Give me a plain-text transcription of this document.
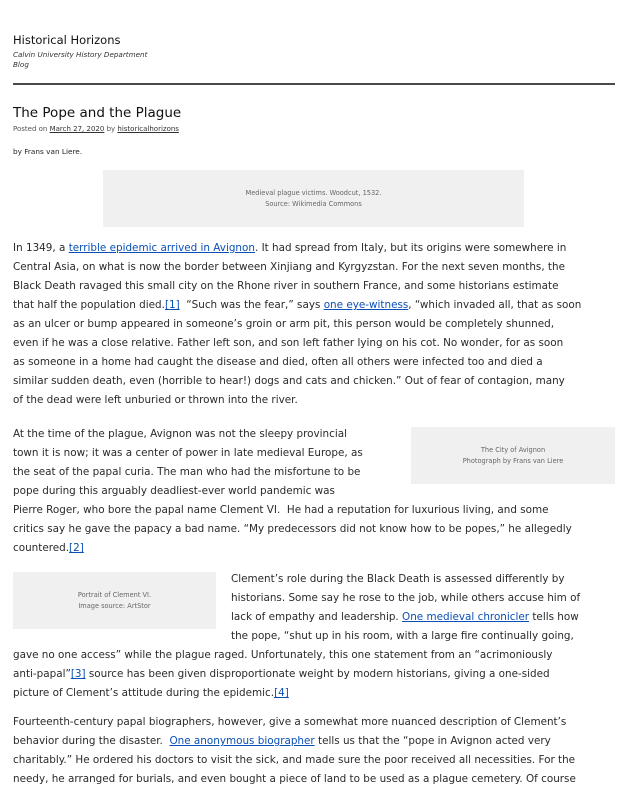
Historical Horizons
Calvin University History Department
Blog
The Pope and the Plague
Posted on March 27, 2020 by historicalhorizons
by Frans van Liere.
Medieval plague victims. Woodcut, 1532.
Source: Wikimedia Commons
In 1349, a terrible epidemic arrived in Avignon. It had spread from Italy, but its origins were somewhere in
Central Asia, on what is now the border between Xinjiang and Kyrgyzstan. For the next seven months, the
Black Death ravaged this small city on the Rhone river in southern France, and some historians estimate
that half the population died.[1]  “Such was the fear,” says one eye-witness, “which invaded all, that as soon
as an ulcer or bump appeared in someone’s groin or arm pit, this person would be completely shunned,
even if he was a close relative. Father left son, and son left father lying on his cot. No wonder, for as soon
as someone in a home had caught the disease and died, often all others were infected too and died a
similar sudden death, even (horrible to hear!) dogs and cats and chicken.” Out of fear of contagion, many
of the dead were left unburied or thrown into the river.
The City of Avignon
Photograph by Frans van Liere
At the time of the plague, Avignon was not the sleepy provincial
town it is now; it was a center of power in late medieval Europe, as
the seat of the papal curia. The man who had the misfortune to be
pope during this arguably deadliest-ever world pandemic was
Pierre Roger, who bore the papal name Clement VI.  He had a reputation for luxurious living, and some
critics say he gave the papacy a bad name. “My predecessors did not know how to be popes,” he allegedly
countered.[2]
Portrait of Clement VI.
Image source: ArtStor
Clement’s role during the Black Death is assessed differently by
historians. Some say he rose to the job, while others accuse him of
lack of empathy and leadership. One medieval chronicler tells how
the pope, “shut up in his room, with a large fire continually going,
gave no one access” while the plague raged. Unfortunately, this one statement from an “acrimoniously
anti-papal”[3] source has been given disproportionate weight by modern historians, giving a one-sided
picture of Clement’s attitude during the epidemic.[4]
Fourteenth-century papal biographers, however, give a somewhat more nuanced description of Clement’s
behavior during the disaster.  One anonymous biographer tells us that the “pope in Avignon acted very
charitably.” He ordered his doctors to visit the sick, and made sure the poor received all necessities. For the
needy, he arranged for burials, and even bought a piece of land to be used as a plague cemetery. Of course
